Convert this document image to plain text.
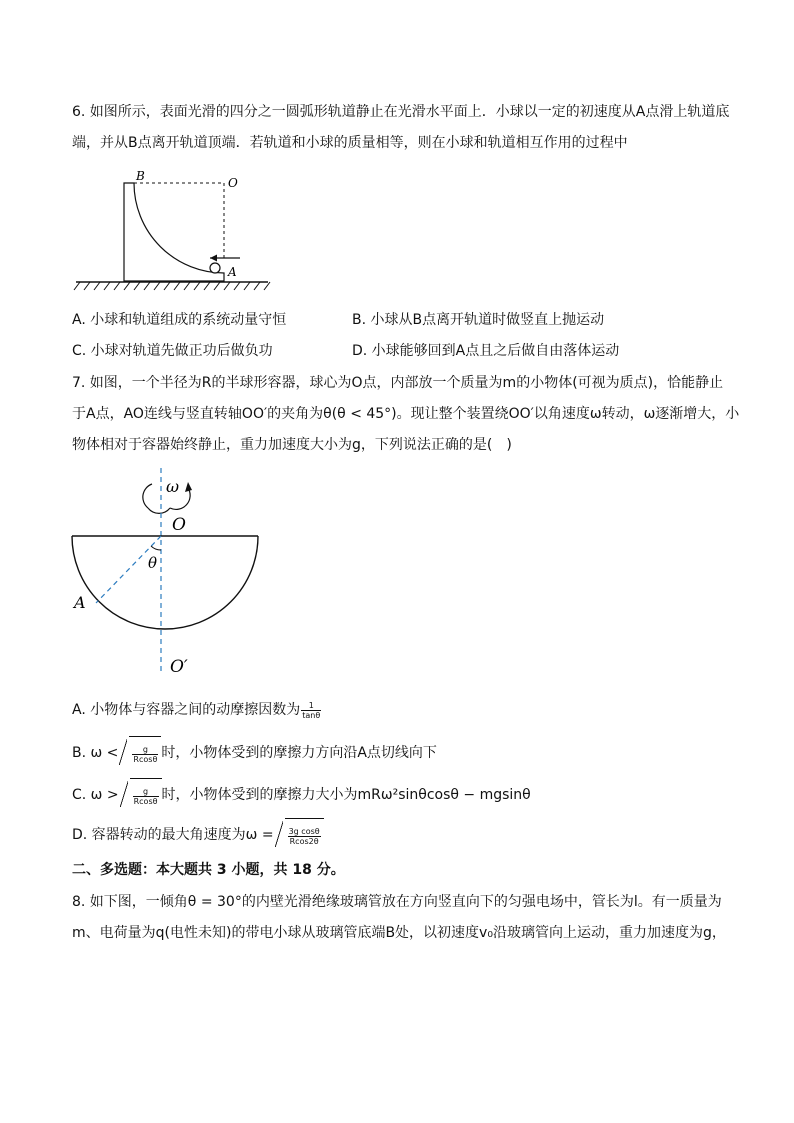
6. 如图所示，表面光滑的四分之一圆弧形轨道静止在光滑水平面上．小球以一定的初速度从A点滑上轨道底
端，并从B点离开轨道顶端．若轨道和小球的质量相等，则在小球和轨道相互作用的过程中
B	O
A
A. 小球和轨道组成的系统动量守恒	B. 小球从B点离开轨道时做竖直上抛运动
C. 小球对轨道先做正功后做负功	D. 小球能够回到A点且之后做自由落体运动
7. 如图，一个半径为R的半球形容器，球心为O点，内部放一个质量为m的小物体(可视为质点)，恰能静止
于A点，AO连线与竖直转轴OO′的夹角为θ(θ < 45°)。现让整个装置绕OO′以角速度ω转动，ω逐渐增大，小
物体相对于容器始终静止，重力加速度大小为g，下列说法正确的是(　)
ω
O
θ
A
O′
A. 小物体与容器之间的动摩擦因数为 $\frac{1}{\tan\theta}$
B. $\omega < \frac{g}{Rcos\theta}$ 时，小物体受到的摩擦力方向沿A点切线向下
C. $\omega > \frac{g}{Rcos\theta}$ 时，小物体受到的摩擦力大小为mRω²sinθcosθ − mgsinθ
D. 容器转动的最大角速度为$\omega = \frac{\text{3g cosθ}}{Rcos2\theta}$
二、多选题：本大题共 3 小题，共 18 分。
8. 如下图，一倾角θ = 30°的内壁光滑绝缘玻璃管放在方向竖直向下的匀强电场中，管长为l。有一质量为
m、电荷量为q(电性未知)的带电小球从玻璃管底端B处，以初速度v₀沿玻璃管向上运动，重力加速度为g，
